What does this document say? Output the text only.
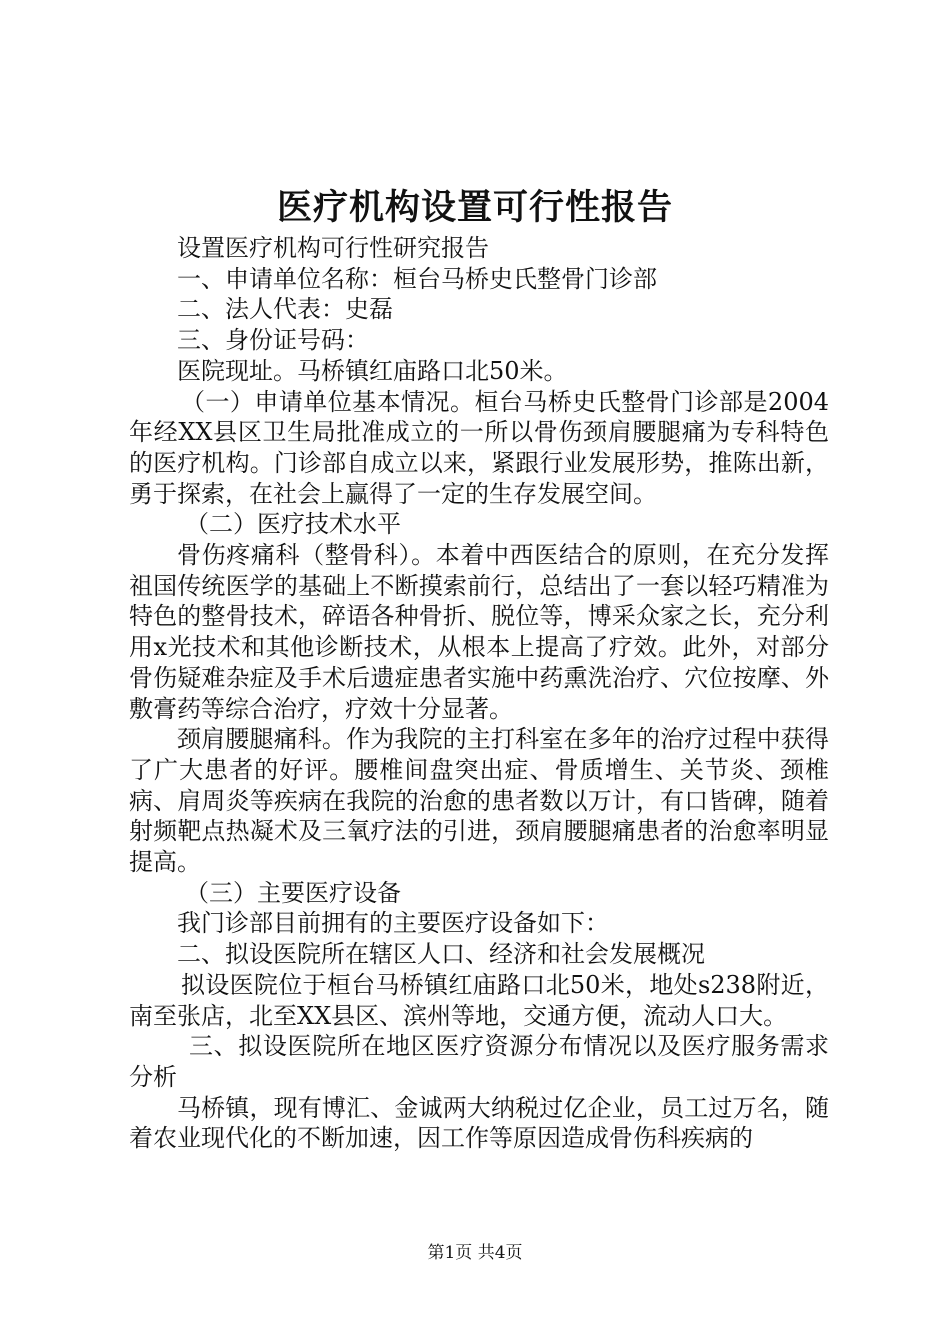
医疗机构设置可行性报告

设置医疗机构可行性研究报告

一、申请单位名称：桓台马桥史氏整骨门诊部

二、法人代表：史磊

三、身份证号码：

医院现址。马桥镇红庙路口北50米。

（一）申请单位基本情况。桓台马桥史氏整骨门诊部是2004年经XX县区卫生局批准成立的一所以骨伤颈肩腰腿痛为专科特色的医疗机构。门诊部自成立以来，紧跟行业发展形势，推陈出新，勇于探索，在社会上赢得了一定的生存发展空间。

（二）医疗技术水平

骨伤疼痛科（整骨科）。本着中西医结合的原则，在充分发挥祖国传统医学的基础上不断摸索前行，总结出了一套以轻巧精准为特色的整骨技术，碎语各种骨折、脱位等，博采众家之长，充分利用x光技术和其他诊断技术，从根本上提高了疗效。此外，对部分骨伤疑难杂症及手术后遗症患者实施中药熏洗治疗、穴位按摩、外敷膏药等综合治疗，疗效十分显著。

颈肩腰腿痛科。作为我院的主打科室在多年的治疗过程中获得了广大患者的好评。腰椎间盘突出症、骨质增生、关节炎、颈椎病、肩周炎等疾病在我院的治愈的患者数以万计，有口皆碑，随着射频靶点热凝术及三氧疗法的引进，颈肩腰腿痛患者的治愈率明显提高。

（三）主要医疗设备

我门诊部目前拥有的主要医疗设备如下：

二、拟设医院所在辖区人口、经济和社会发展概况

拟设医院位于桓台马桥镇红庙路口北50米，地处s238附近，南至张店，北至XX县区、滨州等地，交通方便，流动人口大。

三、拟设医院所在地区医疗资源分布情况以及医疗服务需求分析

马桥镇，现有博汇、金诚两大纳税过亿企业，员工过万名，随着农业现代化的不断加速，因工作等原因造成骨伤科疾病的

第1页 共4页
